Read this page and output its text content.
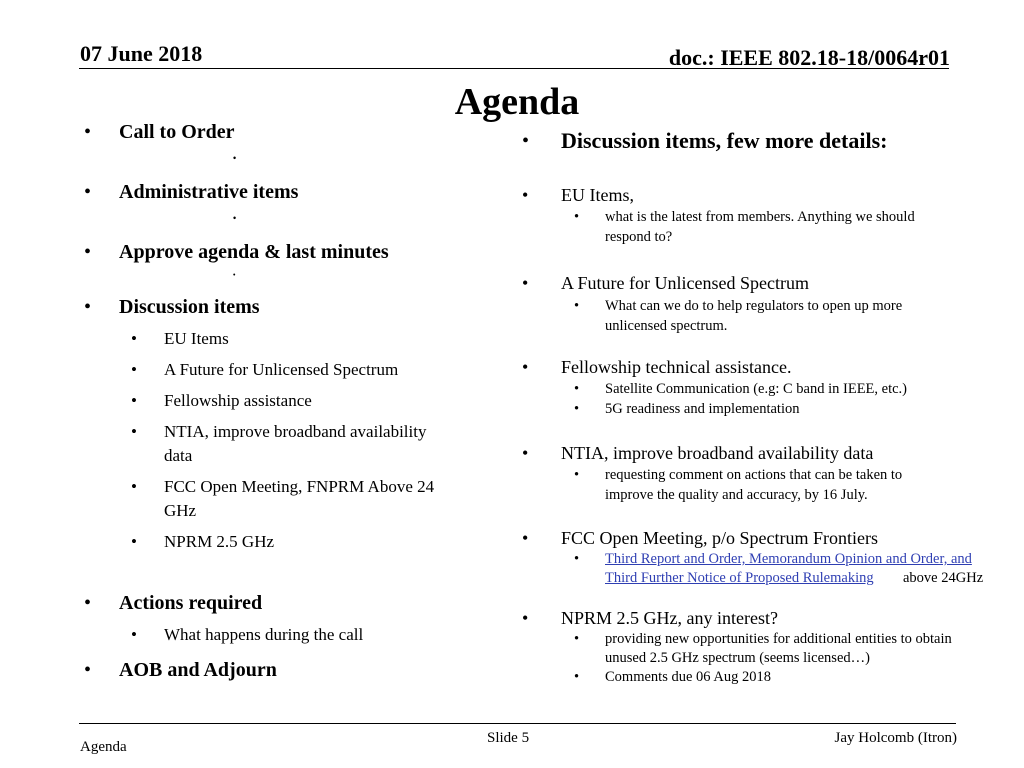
07 June 2018	doc.: IEEE 802.18-18/0064r01
Agenda
• Call to Order
•
• Administrative items
•
• Approve agenda & last minutes
•
• Discussion items
• EU Items
• A Future for Unlicensed Spectrum
• Fellowship assistance
• NTIA, improve broadband availability
data
• FCC Open Meeting, FNPRM Above 24
GHz
• NPRM 2.5 GHz
• Actions required
• What happens during the call
• AOB and Adjourn
• Discussion items, few more details:
• EU Items,
• what is the latest from members. Anything we should
respond to?
• A Future for Unlicensed Spectrum
• What can we do to help regulators to open up more
unlicensed spectrum.
• Fellowship technical assistance.
• Satellite Communication (e.g: C band in IEEE, etc.)
• 5G readiness and implementation
• NTIA, improve broadband availability data
• requesting comment on actions that can be taken to
improve the quality and accuracy, by 16 July.
• FCC Open Meeting, p/o Spectrum Frontiers
• Third Report and Order, Memorandum Opinion and Order, and
Third Further Notice of Proposed Rulemaking above 24GHz
• NPRM 2.5 GHz, any interest?
• providing new opportunities for additional entities to obtain
unused 2.5 GHz spectrum (seems licensed…)
• Comments due 06 Aug 2018
Agenda
Slide 5	Jay Holcomb (Itron)
